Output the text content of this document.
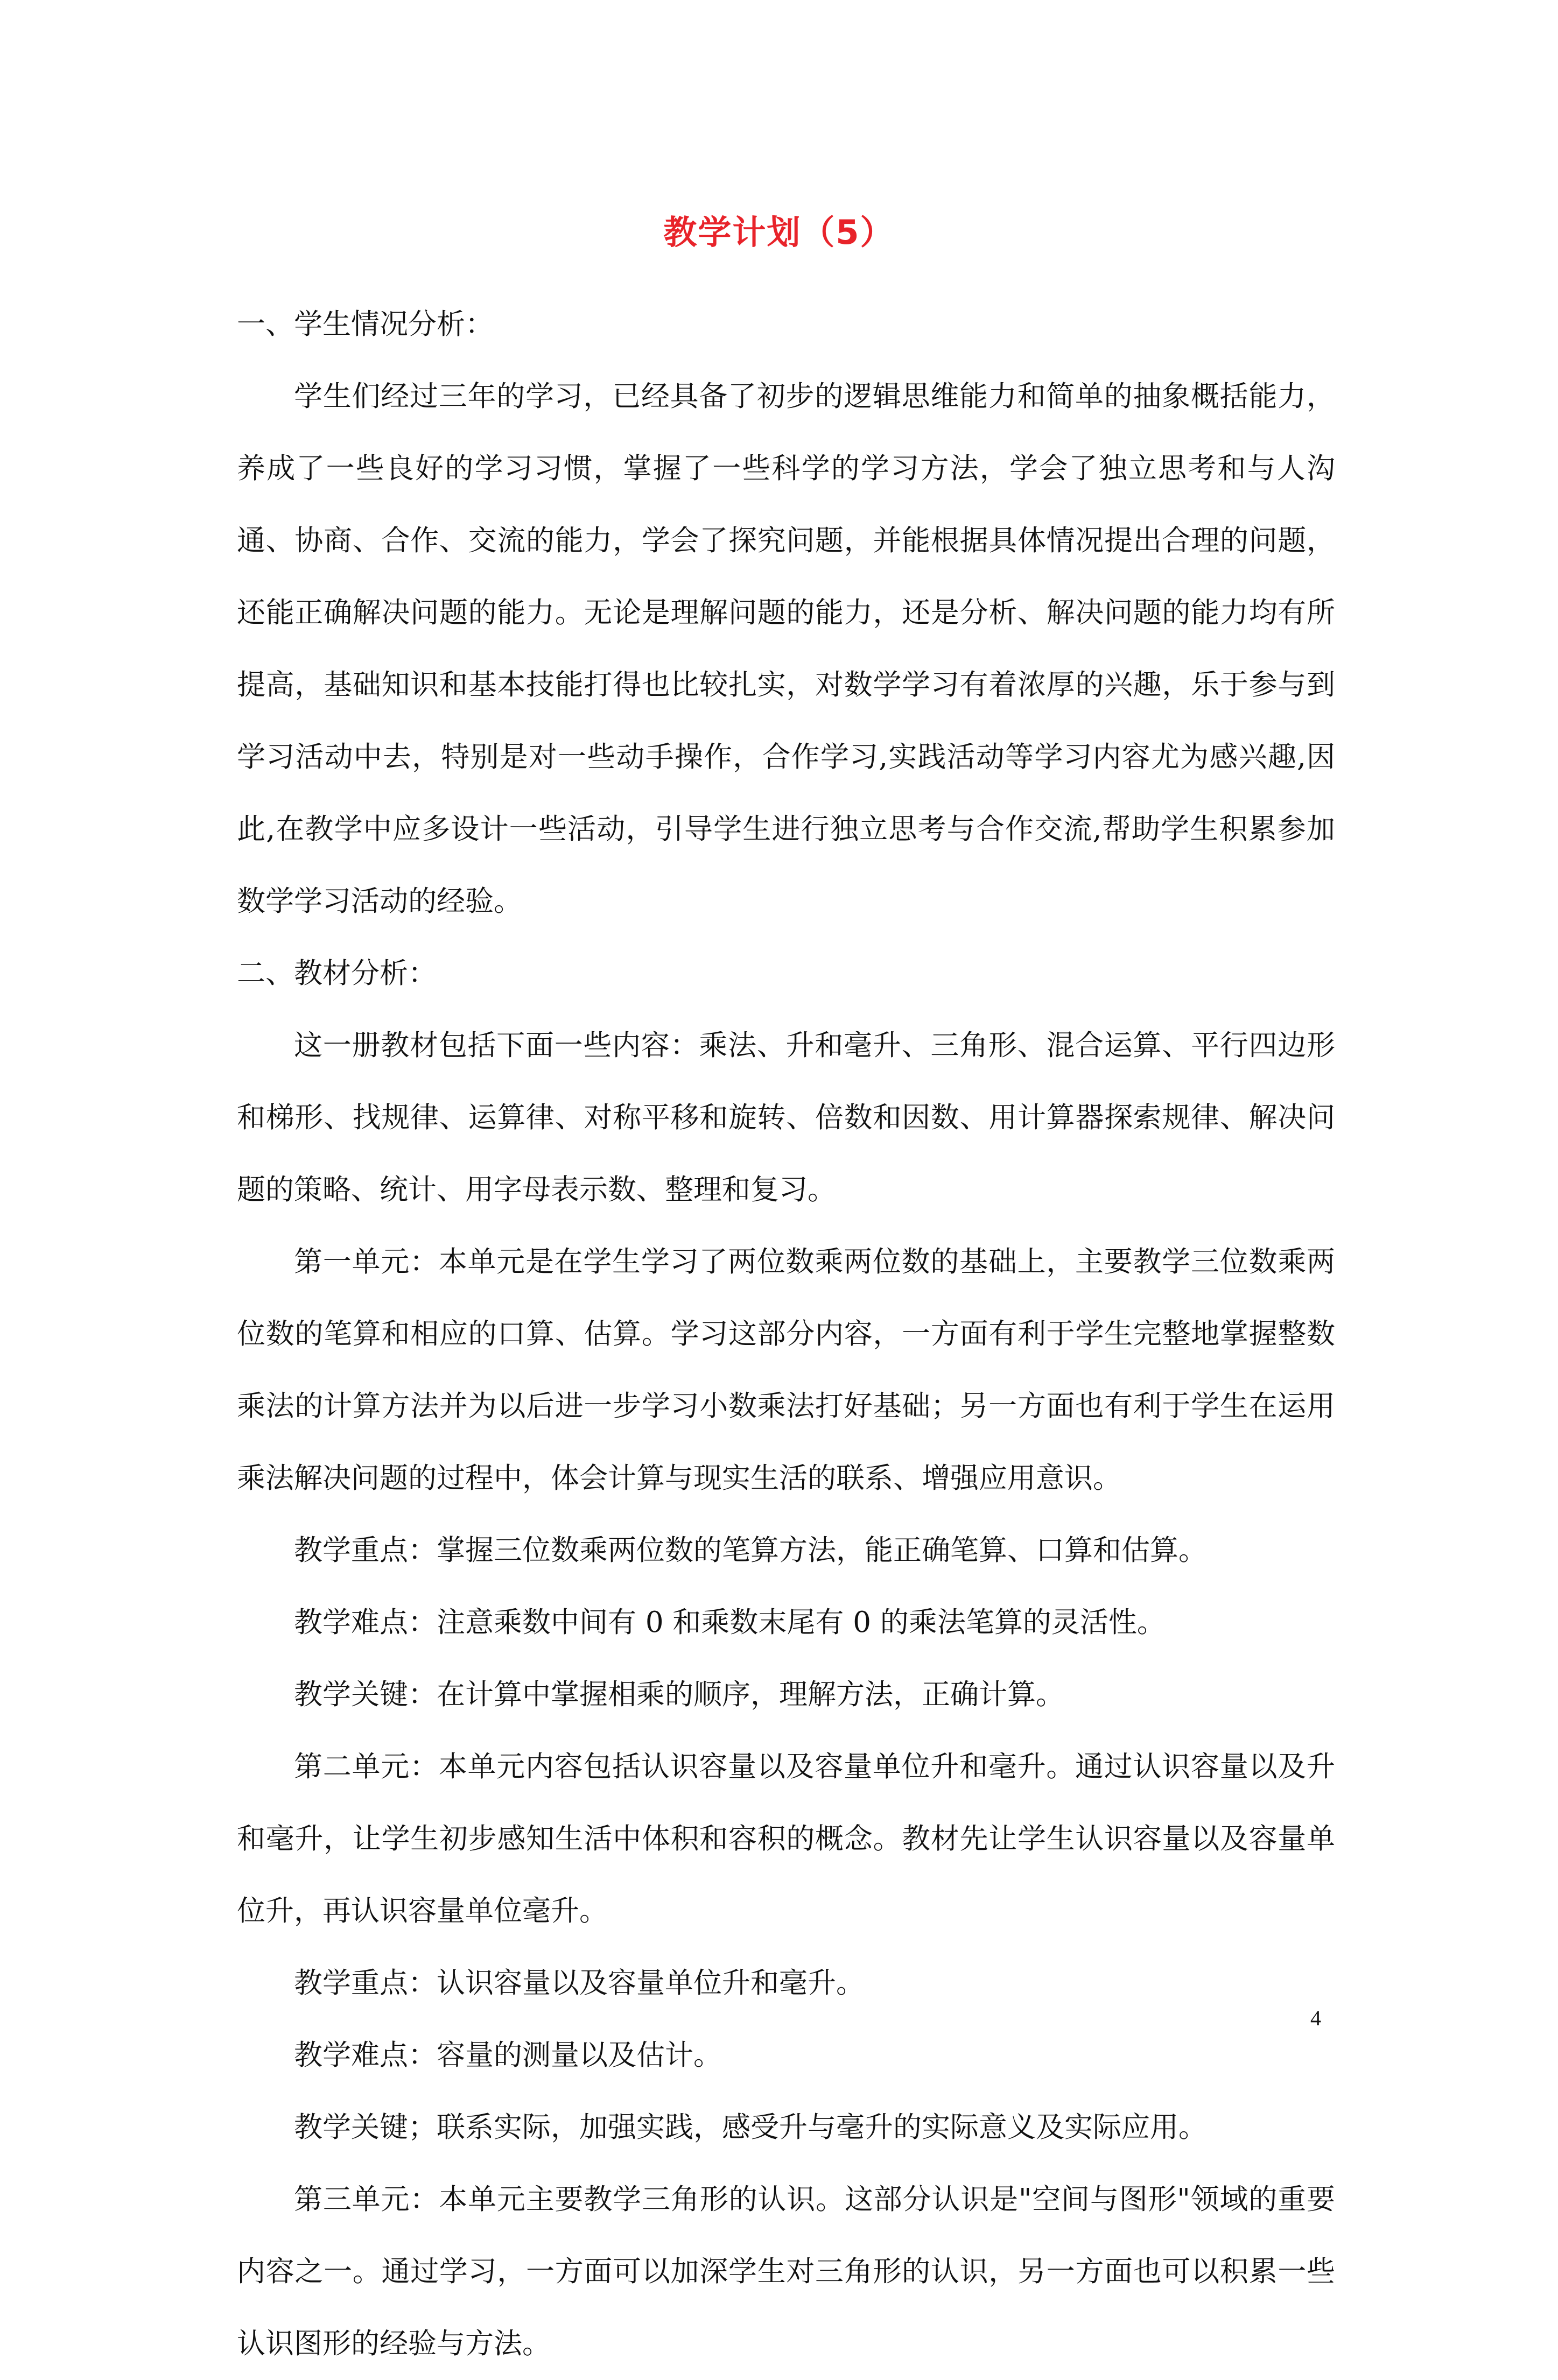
教学计划（5）

一、学生情况分析：

学生们经过三年的学习，已经具备了初步的逻辑思维能力和简单的抽象概括能力，养成了一些良好的学习习惯，掌握了一些科学的学习方法，学会了独立思考和与人沟通、协商、合作、交流的能力，学会了探究问题，并能根据具体情况提出合理的问题，还能正确解决问题的能力。无论是理解问题的能力，还是分析、解决问题的能力均有所提高，基础知识和基本技能打得也比较扎实，对数学学习有着浓厚的兴趣，乐于参与到学习活动中去，特别是对一些动手操作，合作学习,实践活动等学习内容尤为感兴趣,因此,在教学中应多设计一些活动，引导学生进行独立思考与合作交流,帮助学生积累参加数学学习活动的经验。

二、教材分析：

这一册教材包括下面一些内容：乘法、升和毫升、三角形、混合运算、平行四边形和梯形、找规律、运算律、对称平移和旋转、倍数和因数、用计算器探索规律、解决问题的策略、统计、用字母表示数、整理和复习。

第一单元：本单元是在学生学习了两位数乘两位数的基础上，主要教学三位数乘两位数的笔算和相应的口算、估算。学习这部分内容，一方面有利于学生完整地掌握整数乘法的计算方法并为以后进一步学习小数乘法打好基础；另一方面也有利于学生在运用乘法解决问题的过程中，体会计算与现实生活的联系、增强应用意识。

教学重点：掌握三位数乘两位数的笔算方法，能正确笔算、口算和估算。

教学难点：注意乘数中间有 0 和乘数末尾有 0 的乘法笔算的灵活性。

教学关键：在计算中掌握相乘的顺序，理解方法，正确计算。

第二单元：本单元内容包括认识容量以及容量单位升和毫升。通过认识容量以及升和毫升，让学生初步感知生活中体积和容积的概念。教材先让学生认识容量以及容量单位升，再认识容量单位毫升。

教学重点：认识容量以及容量单位升和毫升。

教学难点：容量的测量以及估计。

教学关键；联系实际，加强实践，感受升与毫升的实际意义及实际应用。

第三单元：本单元主要教学三角形的认识。这部分认识是"空间与图形"领域的重要内容之一。通过学习，一方面可以加深学生对三角形的认识，另一方面也可以积累一些认识图形的经验与方法。

4
